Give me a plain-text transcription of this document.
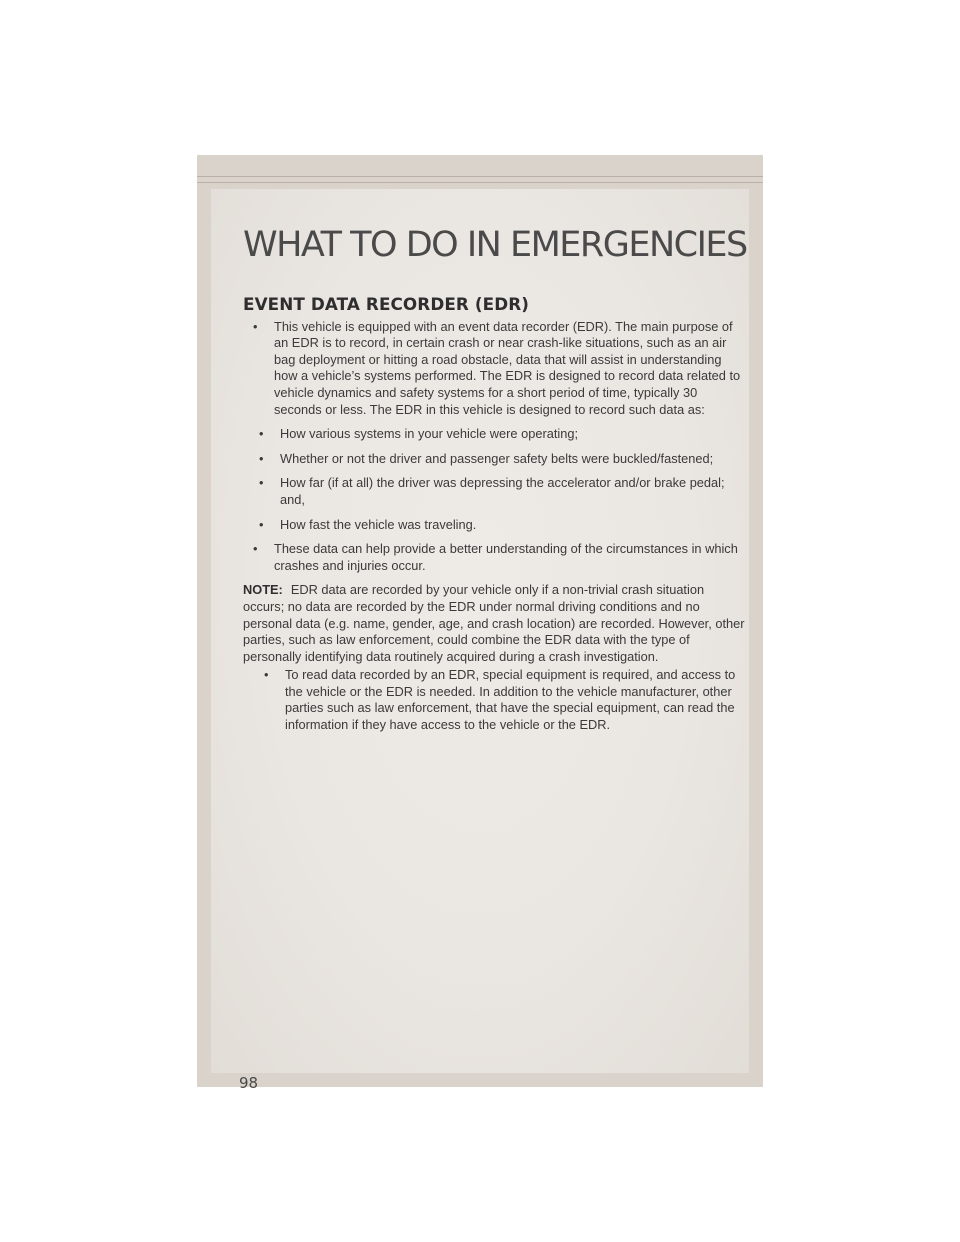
WHAT TO DO IN EMERGENCIES
EVENT DATA RECORDER (EDR)
• This vehicle is equipped with an event data recorder (EDR). The main purpose of an EDR is to record, in certain crash or near crash-like situations, such as an air bag deployment or hitting a road obstacle, data that will assist in understanding how a vehicle’s systems performed. The EDR is designed to record data related to vehicle dynamics and safety systems for a short period of time, typically 30 seconds or less. The EDR in this vehicle is designed to record such data as:
• How various systems in your vehicle were operating;
• Whether or not the driver and passenger safety belts were buckled/fastened;
• How far (if at all) the driver was depressing the accelerator and/or brake pedal; and,
• How fast the vehicle was traveling.
• These data can help provide a better understanding of the circumstances in which crashes and injuries occur.

NOTE: EDR data are recorded by your vehicle only if a non-trivial crash situation occurs; no data are recorded by the EDR under normal driving conditions and no personal data (e.g. name, gender, age, and crash location) are recorded. However, other parties, such as law enforcement, could combine the EDR data with the type of personally identifying data routinely acquired during a crash investigation.

• To read data recorded by an EDR, special equipment is required, and access to the vehicle or the EDR is needed. In addition to the vehicle manufacturer, other parties such as law enforcement, that have the special equipment, can read the information if they have access to the vehicle or the EDR.
98
